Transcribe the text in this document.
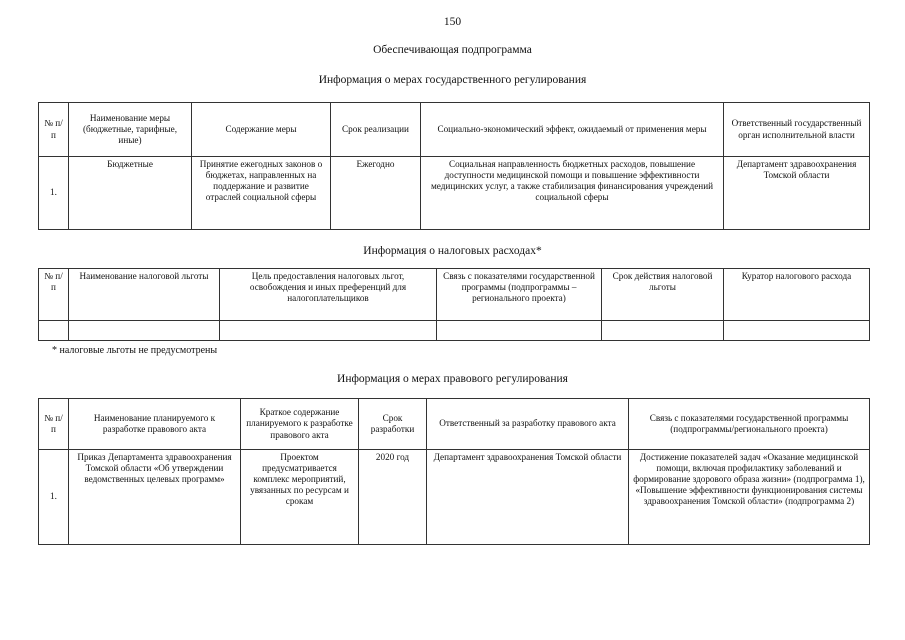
150
Обеспечивающая подпрограмма
Информация о мерах государственного регулирования
№ п/п	Наименование меры (бюджетные, тарифные, иные)	Содержание меры	Срок реализации	Социально-экономический эффект, ожидаемый от применения меры	Ответственный государственный орган исполнительной власти
1.	Бюджетные	Принятие ежегодных законов о бюджетах, направленных на поддержание и развитие отраслей социальной сферы	Ежегодно	Социальная направленность бюджетных расходов, повышение доступности медицинской помощи и повышение эффективности медицинских услуг, а также стабилизация финансирования учреждений социальной сферы	Департамент здравоохранения Томской области
Информация о налоговых расходах*
№ п/п	Наименование налоговой льготы	Цель предоставления налоговых льгот, освобождения и иных преференций для налогоплательщиков	Связь с показателями государственной программы (подпрограммы – регионального проекта)	Срок действия налоговой льготы	Куратор налогового расхода

* налоговые льготы не предусмотрены
Информация о мерах правового регулирования
№ п/п	Наименование планируемого к разработке правового акта	Краткое содержание планируемого к разработке правового акта	Срок разработки	Ответственный за разработку правового акта	Связь с показателями государственной программы (подпрограммы/регионального проекта)
1.	Приказ Департамента здравоохранения Томской области «Об утверждении ведомственных целевых программ»	Проектом предусматривается комплекс мероприятий, увязанных по ресурсам и срокам	2020 год	Департамент здравоохранения Томской области	Достижение показателей задач «Оказание медицинской помощи, включая профилактику заболеваний и формирование здорового образа жизни» (подпрограмма 1), «Повышение эффективности функционирования системы здравоохранения Томской области» (подпрограмма 2)
